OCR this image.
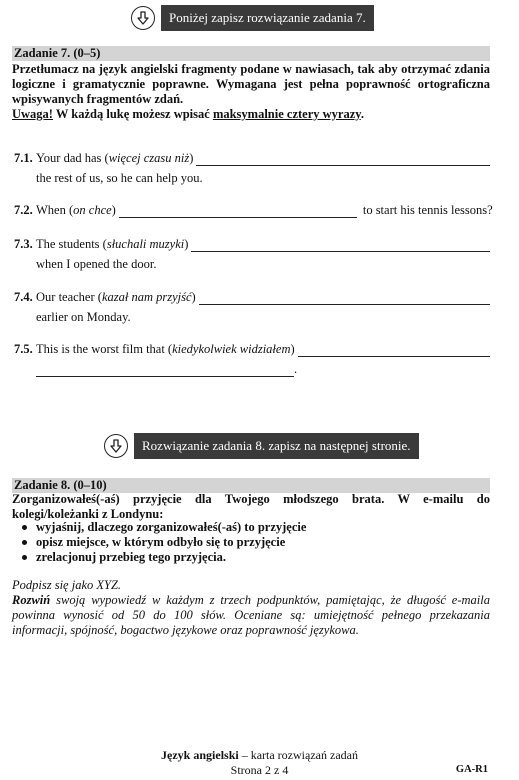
Poniżej zapisz rozwiązanie zadania 7.
Zadanie 7. (0–5)
Przetłumacz na język angielski fragmenty podane w nawiasach, tak aby otrzymać zdania logiczne i gramatycznie poprawne. Wymagana jest pełna poprawność ortograficzna wpisywanych fragmentów zdań.
Uwaga! W każdą lukę możesz wpisać maksymalnie cztery wyrazy.
7.1. Your dad has ( więcej czasu niż )
the rest of us, so he can help you.
7.2. When ( on chce )	to start his tennis lessons?
7.3. The students ( słuchali muzyki )
when I opened the door.
7.4. Our teacher ( kazał nam przyjść )
earlier on Monday.
7.5. This is the worst film that ( kiedykolwiek widziałem )
.
Rozwiązanie zadania 8. zapisz na następnej stronie.
Zadanie 8. (0–10)
Zorganizowałeś(-aś) przyjęcie dla Twojego młodszego brata. W e-mailu do kolegi/koleżanki z Londynu:
wyjaśnij, dlaczego zorganizowałeś(-aś) to przyjęcie
opisz miejsce, w którym odbyło się to przyjęcie
zrelacjonuj przebieg tego przyjęcia.
Podpisz się jako XYZ.
Rozwiń swoją wypowiedź w każdym z trzech podpunktów, pamiętając, że długość e-maila powinna wynosić od 50 do 100 słów. Oceniane są: umiejętność pełnego przekazania informacji, spójność, bogactwo językowe oraz poprawność językowa.
Język angielski – karta rozwiązań zadań
Strona 2 z 4	GA-R1
